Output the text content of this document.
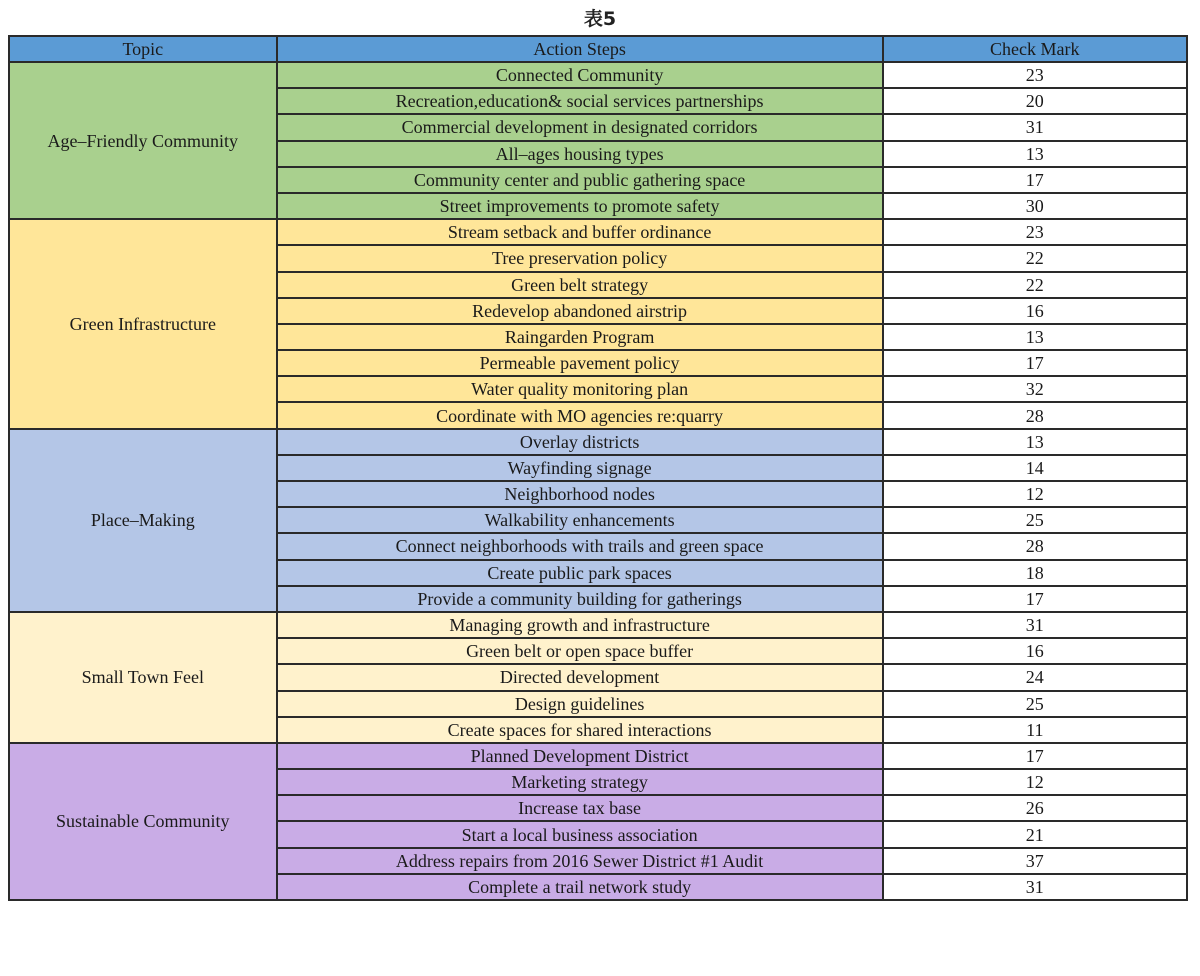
表5
Topic	Action Steps	Check Mark
Age–Friendly Community	Connected Community	23
	Recreation,education& social services partnerships	20
	Commercial development in designated corridors	31
	All–ages housing types	13
	Community center and public gathering space	17
	Street improvements to promote safety	30
Green Infrastructure	Stream setback and buffer ordinance	23
	Tree preservation policy	22
	Green belt strategy	22
	Redevelop abandoned airstrip	16
	Raingarden Program	13
	Permeable pavement policy	17
	Water quality monitoring plan	32
	Coordinate with MO agencies re:quarry	28
Place–Making	Overlay districts	13
	Wayfinding signage	14
	Neighborhood nodes	12
	Walkability enhancements	25
	Connect neighborhoods with trails and green space	28
	Create public park spaces	18
	Provide a community building for gatherings	17
Small Town Feel	Managing growth and infrastructure	31
	Green belt or open space buffer	16
	Directed development	24
	Design guidelines	25
	Create spaces for shared interactions	11
Sustainable Community	Planned Development District	17
	Marketing strategy	12
	Increase tax base	26
	Start a local business association	21
	Address repairs from 2016 Sewer District #1 Audit	37
	Complete a trail network study	31
